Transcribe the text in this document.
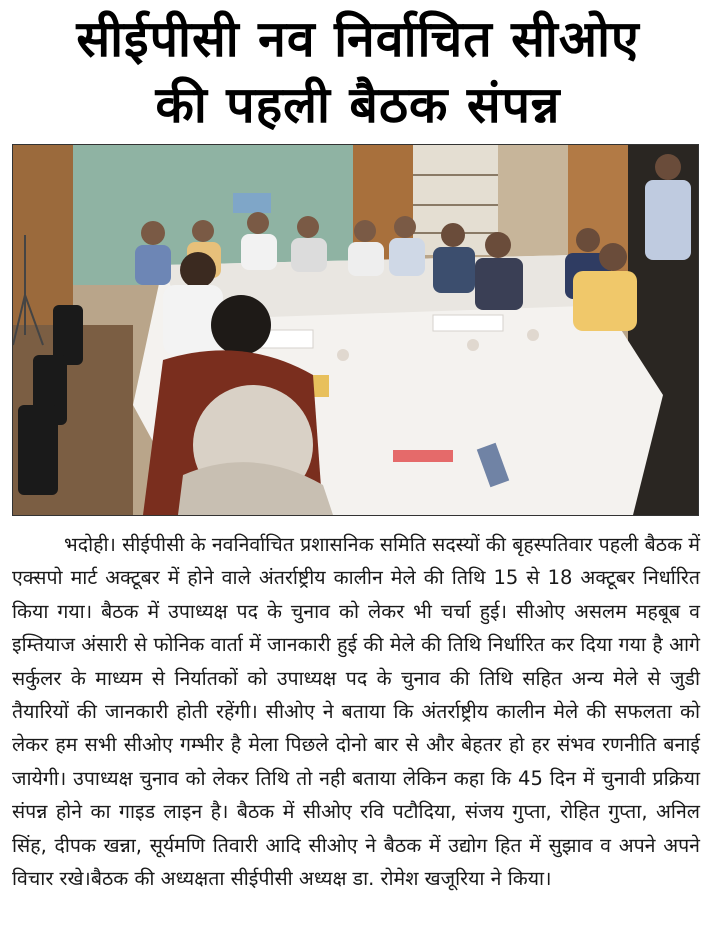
सीईपीसी नव निर्वाचित सीओए
की पहली बैठक संपन्न

भदोही। सीईपीसी के नवनिर्वाचित प्रशासनिक समिति सदस्यों की बृहस्पतिवार पहली बैठक में एक्सपो मार्ट अक्टूबर में होने वाले अंतर्राष्ट्रीय कालीन मेले की तिथि 15 से 18 अक्टूबर निर्धारित किया गया। बैठक में उपाध्यक्ष पद के चुनाव को लेकर भी चर्चा हुई। सीओए असलम महबूब व इम्तियाज अंसारी से फोनिक वार्ता में जानकारी हुई की मेले की तिथि निर्धारित कर दिया गया है आगे सर्कुलर के माध्यम से निर्यातकों को उपाध्यक्ष पद के चुनाव की तिथि सहित अन्य मेले से जुडी तैयारियों की जानकारी होती रहेंगी। सीओए ने बताया कि अंतर्राष्ट्रीय कालीन मेले की सफलता को लेकर हम सभी सीओए गम्भीर है मेला पिछले दोनो बार से और बेहतर हो हर संभव रणनीति बनाई जायेगी। उपाध्यक्ष चुनाव को लेकर तिथि तो नही बताया लेकिन कहा कि 45 दिन में चुनावी प्रक्रिया संपन्न होने का गाइड लाइन है। बैठक में सीओए रवि पटौदिया, संजय गुप्ता, रोहित गुप्ता, अनिल सिंह, दीपक खन्ना, सूर्यमणि तिवारी आदि सीओए ने बैठक में उद्योग हित में सुझाव व अपने अपने विचार रखे।बैठक की अध्यक्षता सीईपीसी अध्यक्ष डा. रोमेश खजूरिया ने किया।
